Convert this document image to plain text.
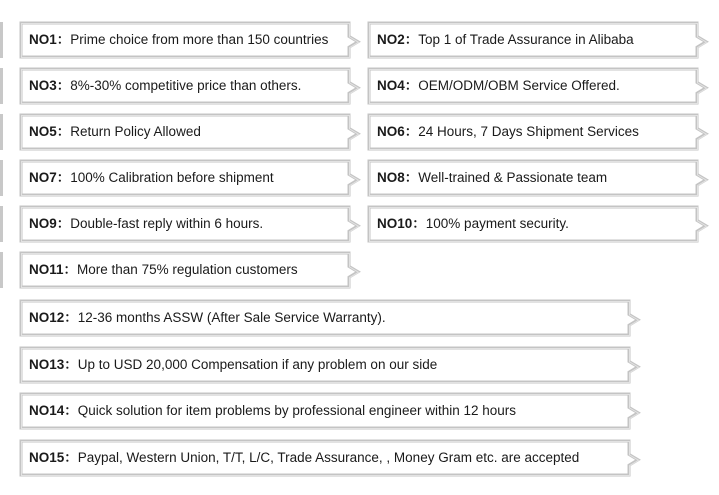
NO1：Prime choice from more than 150 countries	NO2：Top 1 of Trade Assurance in Alibaba
NO3：8%-30% competitive price than others.	NO4：OEM/ODM/OBM Service Offered.
NO5：Return Policy Allowed	NO6：24 Hours, 7 Days Shipment Services
NO7：100% Calibration before shipment	NO8：Well-trained & Passionate team
NO9：Double-fast reply within 6 hours.	NO10：100% payment security.
NO11：More than 75% regulation customers
NO12：12-36 months ASSW (After Sale Service Warranty).
NO13：Up to USD 20,000 Compensation if any problem on our side
NO14：Quick solution for item problems by professional engineer within 12 hours
NO15：Paypal, Western Union, T/T, L/C, Trade Assurance, , Money Gram etc. are accepted
